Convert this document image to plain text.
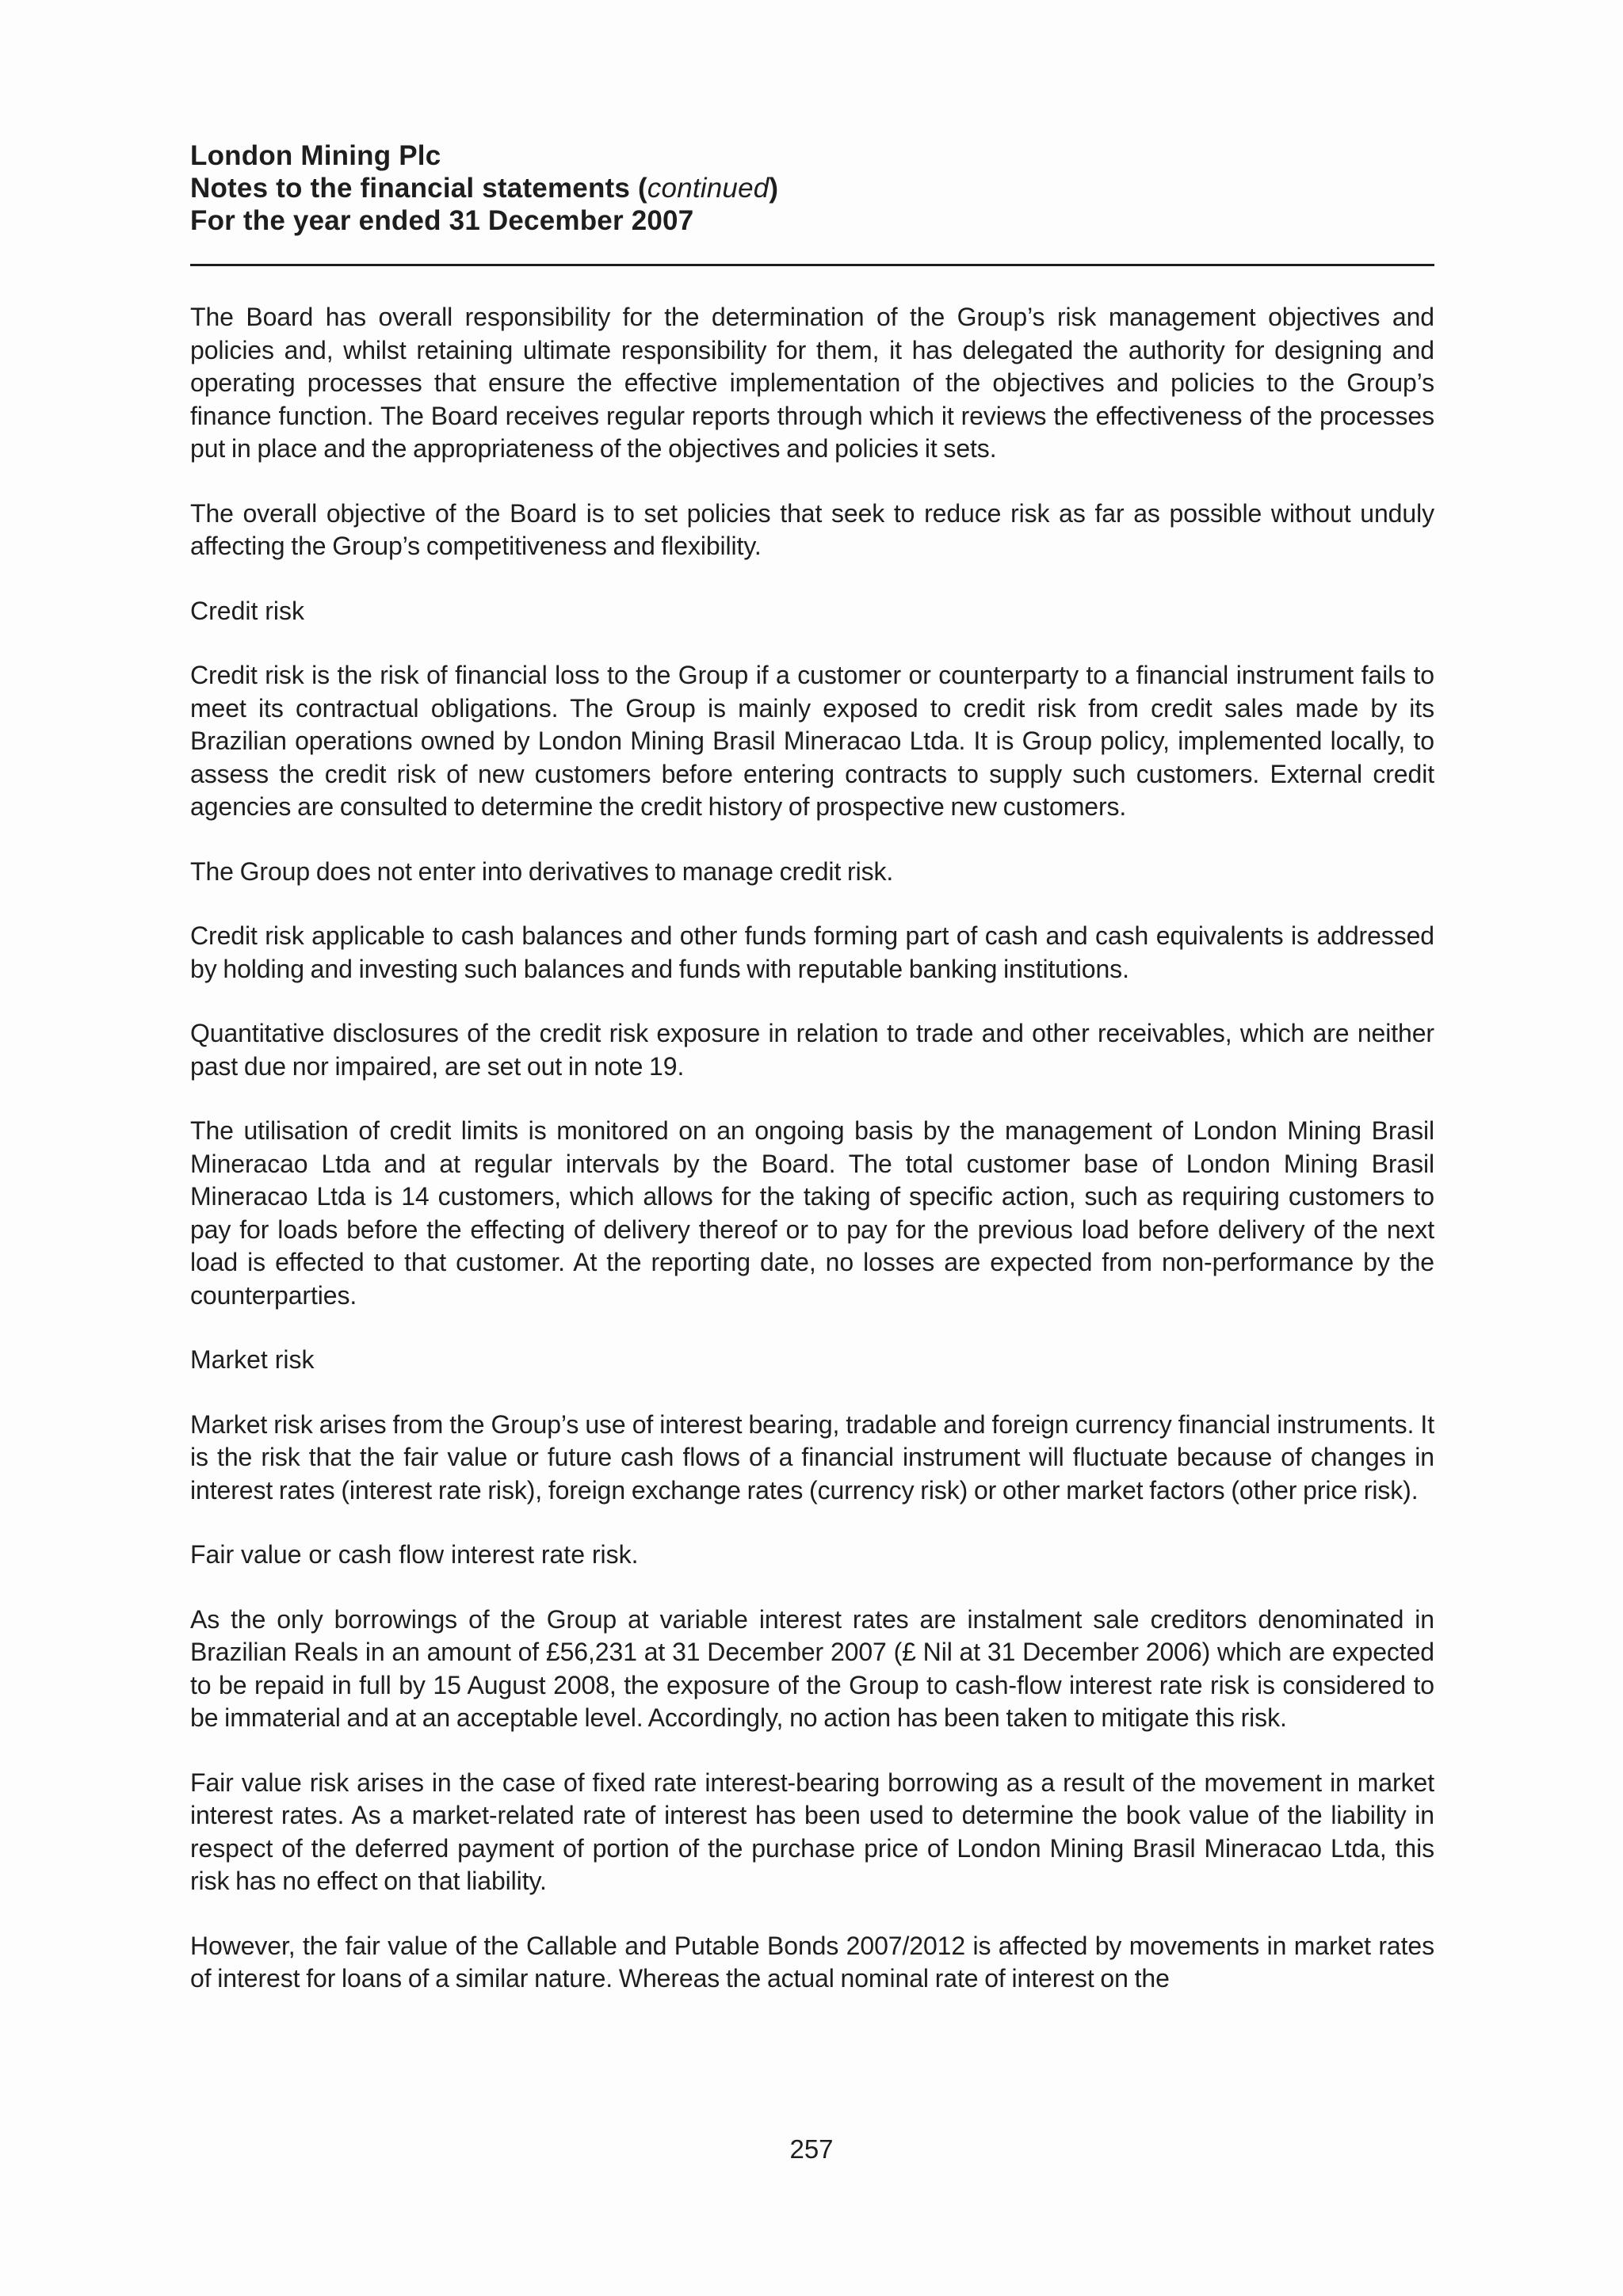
London Mining Plc
Notes to the financial statements (continued)
For the year ended 31 December 2007

The Board has overall responsibility for the determination of the Group’s risk management objectives and policies and, whilst retaining ultimate responsibility for them, it has delegated the authority for designing and operating processes that ensure the effective implementation of the objectives and policies to the Group’s finance function. The Board receives regular reports through which it reviews the effectiveness of the processes put in place and the appropriateness of the objectives and policies it sets.

The overall objective of the Board is to set policies that seek to reduce risk as far as possible without unduly affecting the Group’s competitiveness and flexibility.

Credit risk

Credit risk is the risk of financial loss to the Group if a customer or counterparty to a financial instrument fails to meet its contractual obligations. The Group is mainly exposed to credit risk from credit sales made by its Brazilian operations owned by London Mining Brasil Mineracao Ltda. It is Group policy, implemented locally, to assess the credit risk of new customers before entering contracts to supply such customers. External credit agencies are consulted to determine the credit history of prospective new customers.

The Group does not enter into derivatives to manage credit risk.

Credit risk applicable to cash balances and other funds forming part of cash and cash equivalents is addressed by holding and investing such balances and funds with reputable banking institutions.

Quantitative disclosures of the credit risk exposure in relation to trade and other receivables, which are neither past due nor impaired, are set out in note 19.

The utilisation of credit limits is monitored on an ongoing basis by the management of London Mining Brasil Mineracao Ltda and at regular intervals by the Board. The total customer base of London Mining Brasil Mineracao Ltda is 14 customers, which allows for the taking of specific action, such as requiring customers to pay for loads before the effecting of delivery thereof or to pay for the previous load before delivery of the next load is effected to that customer. At the reporting date, no losses are expected from non-performance by the counterparties.

Market risk

Market risk arises from the Group’s use of interest bearing, tradable and foreign currency financial instruments. It is the risk that the fair value or future cash flows of a financial instrument will fluctuate because of changes in interest rates (interest rate risk), foreign exchange rates (currency risk) or other market factors (other price risk).

Fair value or cash flow interest rate risk.

As the only borrowings of the Group at variable interest rates are instalment sale creditors denominated in Brazilian Reals in an amount of £56,231 at 31 December 2007 (£ Nil at 31 December 2006) which are expected to be repaid in full by 15 August 2008, the exposure of the Group to cash-flow interest rate risk is considered to be immaterial and at an acceptable level. Accordingly, no action has been taken to mitigate this risk.

Fair value risk arises in the case of fixed rate interest-bearing borrowing as a result of the movement in market interest rates. As a market-related rate of interest has been used to determine the book value of the liability in respect of the deferred payment of portion of the purchase price of London Mining Brasil Mineracao Ltda, this risk has no effect on that liability.

However, the fair value of the Callable and Putable Bonds 2007/2012 is affected by movements in market rates of interest for loans of a similar nature. Whereas the actual nominal rate of interest on the

257
